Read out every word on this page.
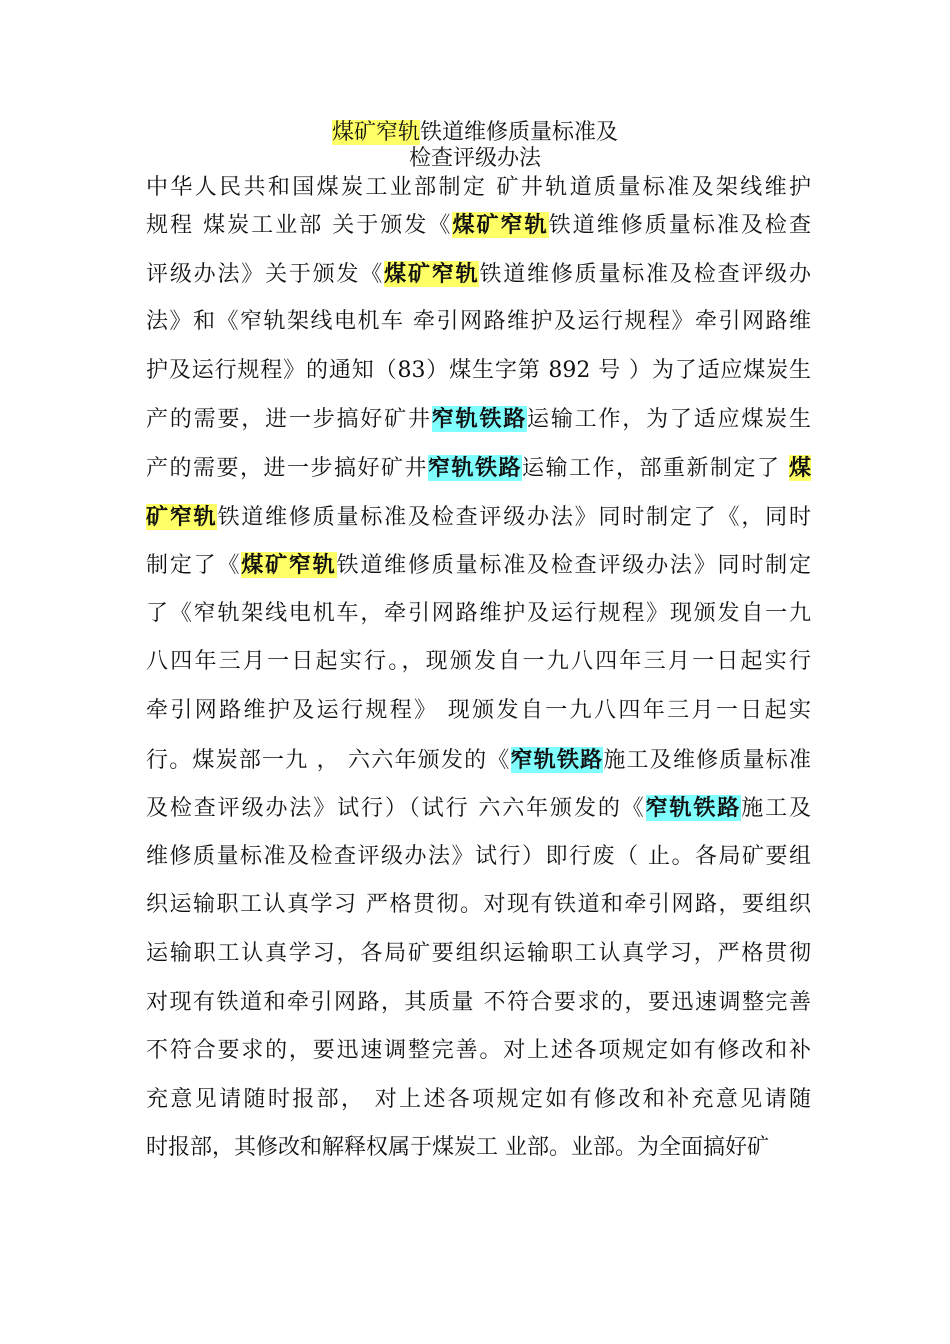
煤矿窄轨铁道维修质量标准及
检查评级办法
中华人民共和国煤炭工业部制定 矿井轨道质量标准及架线维护
规程 煤炭工业部 关于颁发《煤矿窄轨铁道维修质量标准及检查
评级办法》关于颁发《煤矿窄轨铁道维修质量标准及检查评级办
法》和《窄轨架线电机车 牵引网路维护及运行规程》牵引网路维
护及运行规程》的通知（83）煤生字第 892 号 ）为了适应煤炭生
产的需要，进一步搞好矿井窄轨铁路运输工作，为了适应煤炭生
产的需要，进一步搞好矿井窄轨铁路运输工作，部重新制定了 煤
矿窄轨铁道维修质量标准及检查评级办法》同时制定了《，同时
制定了《煤矿窄轨铁道维修质量标准及检查评级办法》同时制定
了《窄轨架线电机车，牵引网路维护及运行规程》现颁发自一九
八四年三月一日起实行。，现颁发自一九八四年三月一日起实行
牵引网路维护及运行规程》 现颁发自一九八四年三月一日起实
行。煤炭部一九 ， 六六年颁发的《窄轨铁路施工及维修质量标准
及检查评级办法》试行）（试行 六六年颁发的《窄轨铁路施工及
维修质量标准及检查评级办法》试行）即行废（ 止。各局矿要组
织运输职工认真学习 严格贯彻。对现有铁道和牵引网路，要组织
运输职工认真学习，各局矿要组织运输职工认真学习，严格贯彻
对现有铁道和牵引网路，其质量 不符合要求的，要迅速调整完善
不符合要求的，要迅速调整完善。对上述各项规定如有修改和补
充意见请随时报部， 对上述各项规定如有修改和补充意见请随
时报部，其修改和解释权属于煤炭工 业部。业部。为全面搞好矿
